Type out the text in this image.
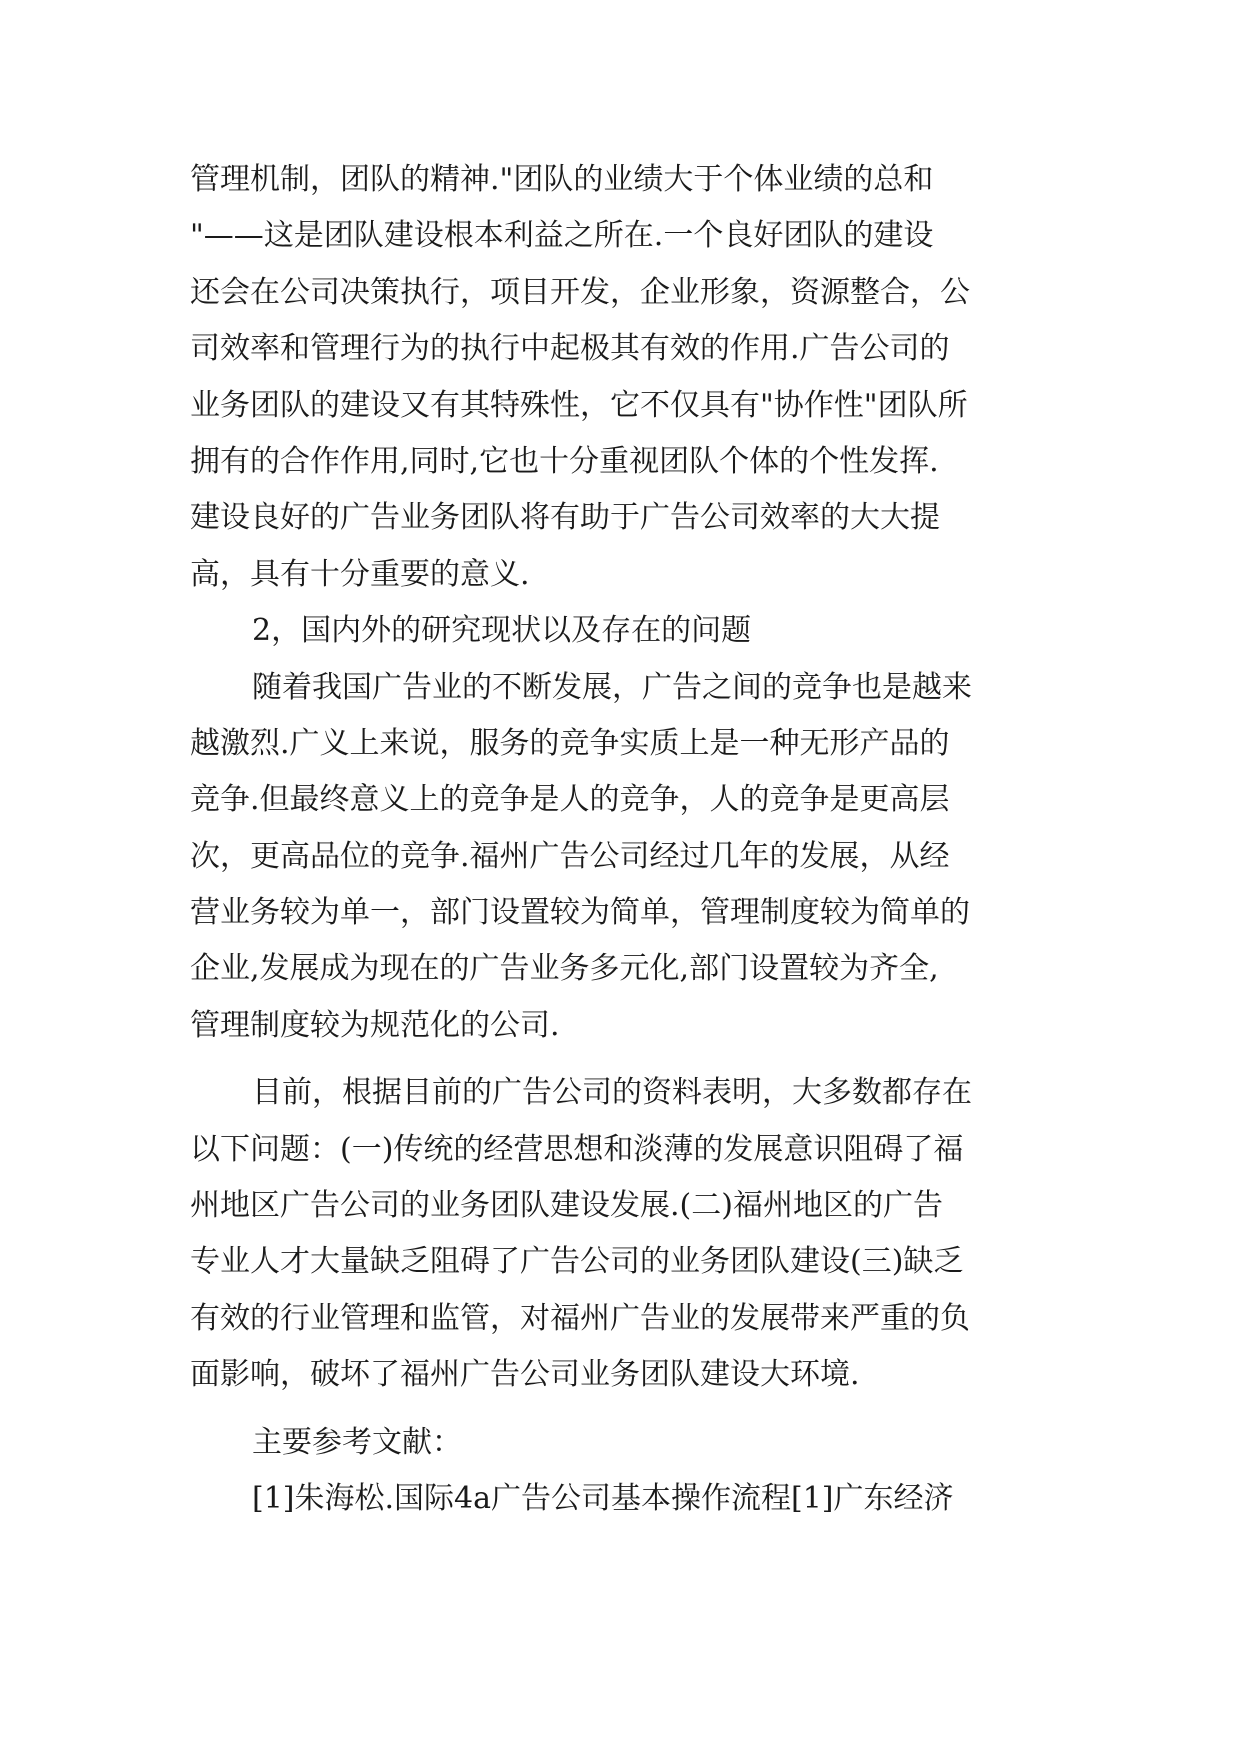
管理机制，团队的精神."团队的业绩大于个体业绩的总和
"——这是团队建设根本利益之所在.一个良好团队的建设
还会在公司决策执行，项目开发，企业形象，资源整合，公
司效率和管理行为的执行中起极其有效的作用.广告公司的
业务团队的建设又有其特殊性，它不仅具有"协作性"团队所
拥有的合作作用,同时,它也十分重视团队个体的个性发挥.
建设良好的广告业务团队将有助于广告公司效率的大大提
高，具有十分重要的意义.
2，国内外的研究现状以及存在的问题
随着我国广告业的不断发展，广告之间的竞争也是越来
越激烈.广义上来说，服务的竞争实质上是一种无形产品的
竞争.但最终意义上的竞争是人的竞争，人的竞争是更高层
次，更高品位的竞争.福州广告公司经过几年的发展，从经
营业务较为单一，部门设置较为简单，管理制度较为简单的
企业,发展成为现在的广告业务多元化,部门设置较为齐全,
管理制度较为规范化的公司.
目前，根据目前的广告公司的资料表明，大多数都存在
以下问题：(一)传统的经营思想和淡薄的发展意识阻碍了福
州地区广告公司的业务团队建设发展.(二)福州地区的广告
专业人才大量缺乏阻碍了广告公司的业务团队建设(三)缺乏
有效的行业管理和监管，对福州广告业的发展带来严重的负
面影响，破坏了福州广告公司业务团队建设大环境.
主要参考文献：
[1]朱海松.国际4a广告公司基本操作流程[1]广东经济
